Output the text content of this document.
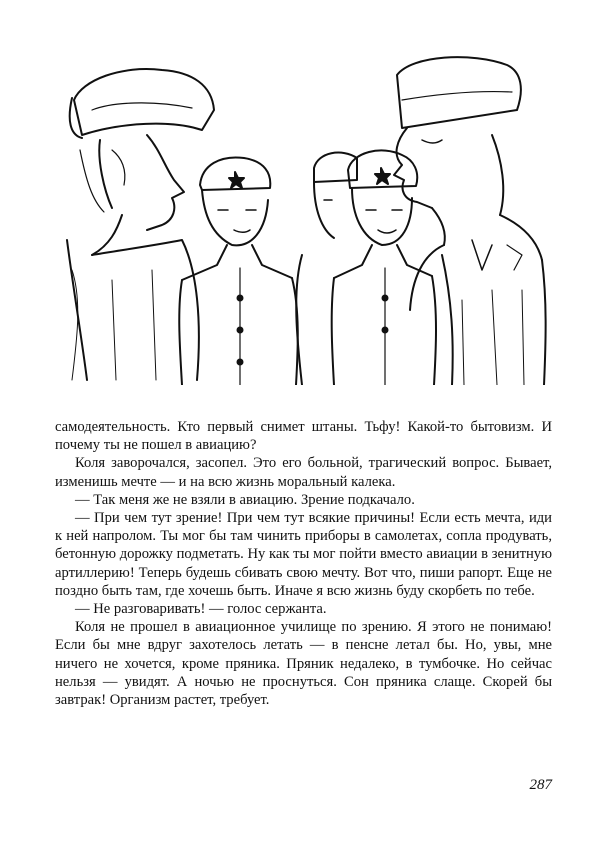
самодеятельность. Кто первый снимет штаны. Тьфу! Какой-то бытовизм. И почему ты не пошел в авиацию?

Коля заворочался, засопел. Это его больной, трагический вопрос. Бывает, изменишь мечте — и на всю жизнь моральный калека.

— Так меня же не взяли в авиацию. Зрение подкачало.

— При чем тут зрение! При чем тут всякие причины! Если есть мечта, иди к ней напролом. Ты мог бы там чинить приборы в самолетах, сопла продувать, бетонную дорожку подметать. Ну как ты мог пойти вместо авиации в зенитную артиллерию! Теперь будешь сбивать свою мечту. Вот что, пиши рапорт. Еще не поздно быть там, где хочешь быть. Иначе я всю жизнь буду скорбеть по тебе.

— Не разговаривать! — голос сержанта.

Коля не прошел в авиационное училище по зрению. Я этого не понимаю! Если бы мне вдруг захотелось летать — в пенсне летал бы. Но, увы, мне ничего не хочется, кроме пряника. Пряник недалеко, в тумбочке. Но сейчас нельзя — увидят. А ночью не проснуться. Сон пряника слаще. Скорей бы завтрак! Организм растет, требует.

287
